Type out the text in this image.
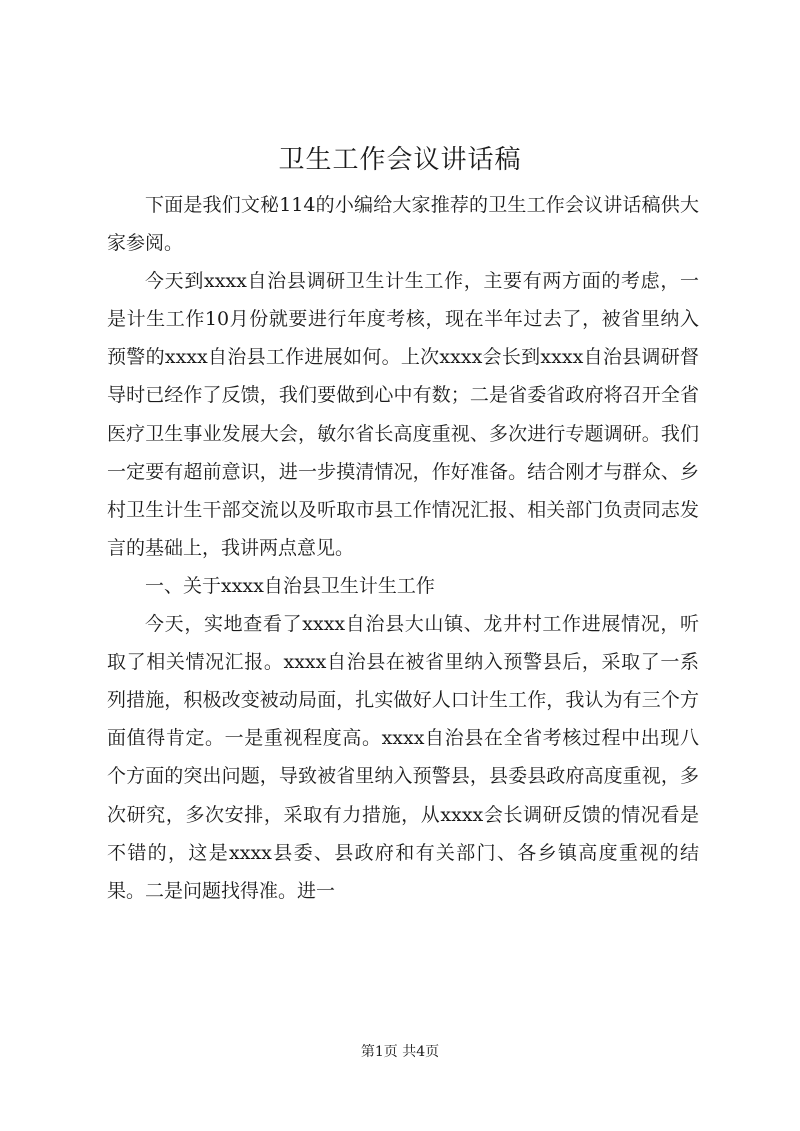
卫生工作会议讲话稿

下面是我们文秘114的小编给大家推荐的卫生工作会议讲话稿供大家参阅。

今天到xxxx自治县调研卫生计生工作，主要有两方面的考虑，一是计生工作10月份就要进行年度考核，现在半年过去了，被省里纳入预警的xxxx自治县工作进展如何。上次xxxx会长到xxxx自治县调研督导时已经作了反馈，我们要做到心中有数；二是省委省政府将召开全省医疗卫生事业发展大会，敏尔省长高度重视、多次进行专题调研。我们一定要有超前意识，进一步摸清情况，作好准备。结合刚才与群众、乡村卫生计生干部交流以及听取市县工作情况汇报、相关部门负责同志发言的基础上，我讲两点意见。

一、关于xxxx自治县卫生计生工作

今天，实地查看了xxxx自治县大山镇、龙井村工作进展情况，听取了相关情况汇报。xxxx自治县在被省里纳入预警县后，采取了一系列措施，积极改变被动局面，扎实做好人口计生工作，我认为有三个方面值得肯定。一是重视程度高。xxxx自治县在全省考核过程中出现八个方面的突出问题，导致被省里纳入预警县，县委县政府高度重视，多次研究，多次安排，采取有力措施，从xxxx会长调研反馈的情况看是不错的，这是xxxx县委、县政府和有关部门、各乡镇高度重视的结果。二是问题找得准。进一

第1页 共4页
